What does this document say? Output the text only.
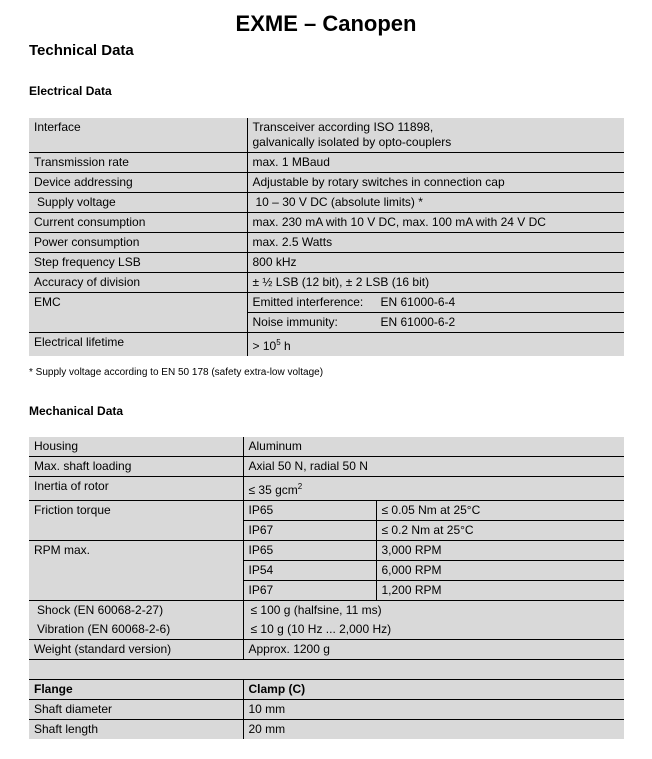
EXME – Canopen
Technical Data
Electrical Data
Interface	Transceiver according ISO 11898,
galvanically isolated by opto-couplers

Transmission rate	max. 1 MBaud
Device addressing	Adjustable by rotary switches in connection cap
Supply voltage	10 – 30 V DC (absolute limits) *
Current consumption	max. 230 mA with 10 V DC, max. 100 mA with 24 V DC
Power consumption	max. 2.5 Watts
Step frequency LSB	800 kHz
Accuracy of division	± ½ LSB (12 bit), ± 2 LSB (16 bit)
EMC	Emitted interference: EN 61000-6-4
	Noise immunity: EN 61000-6-2
Electrical lifetime	> $10^5$ h
* Supply voltage according to EN 50 178 (safety extra-low voltage)
Mechanical Data
Housing	Aluminum	
Max. shaft loading	Axial 50 N, radial 50 N	
Inertia of rotor	≤ 35 gcm$^2$
Friction torque	IP65	≤ 0.05 Nm at 25°C
	IP67	≤ 0.2 Nm at 25°C
RPM max.	IP65	3,000 RPM
	IP54	6,000 RPM
	IP67	1,200 RPM
Shock (EN 60068-2-27)	≤ 100 g (halfsine, 11 ms)	
Vibration (EN 60068-2-6)	≤ 10 g (10 Hz ... 2,000 Hz)	
Weight (standard version)	Approx. 1200 g	

Flange	Clamp (C)	
Shaft diameter	10 mm	
Shaft length	20 mm	
